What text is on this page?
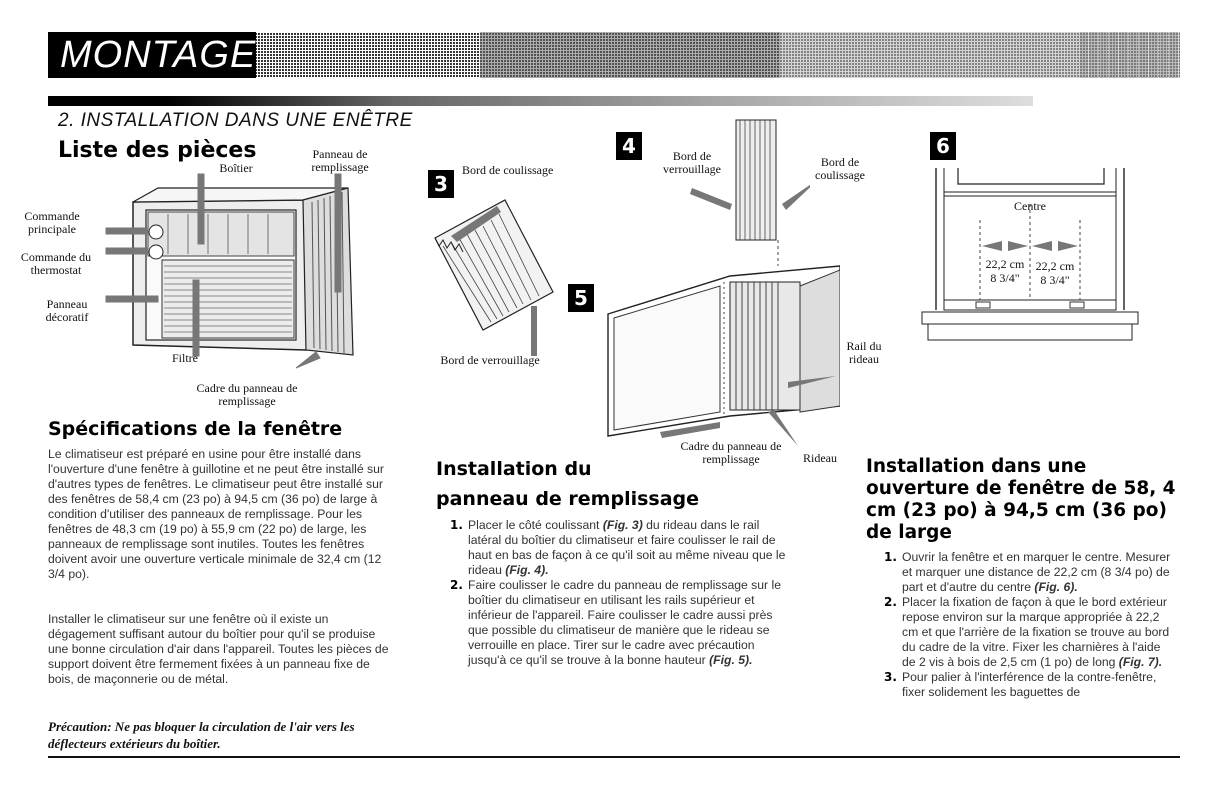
MONTAGE
2. INSTALLATION DANS UNE ENÊTRE
Liste des pièces
Boîtier
Panneau de remplissage
Commande principale
Commande du thermostat
Panneau décoratif
Filtre
Cadre du panneau de remplissage
Spécifications de la fenêtre
Le climatiseur est préparé en usine pour être installé dans l'ouverture d'une fenêtre à guillotine et ne peut être installé sur d'autres types de fenêtres. Le climatiseur peut être installé sur des fenêtres de 58,4 cm (23 po) à 94,5 cm (36 po) de large à condition d'utiliser des panneaux de remplissage. Pour les fenêtres de 48,3 cm (19 po) à 55,9 cm (22 po) de large, les panneaux de remplissage sont inutiles. Toutes les fenêtres doivent avoir une ouverture verticale minimale de 32,4 cm (12 3/4 po).
Installer le climatiseur sur une fenêtre où il existe un dégagement suffisant autour du boîtier pour qu'il se produise une bonne circulation d'air dans l'appareil. Toutes les pièces de support doivent être fermement fixées à un panneau fixe de bois, de maçonnerie ou de métal.
Précaution: Ne pas bloquer la circulation de l'air vers les déflecteurs extérieurs du boîtier.
3
Bord de coulissage
Bord de verrouillage
4	Bord de verrouillage	Bord de coulissage
5
Rail du rideau
Cadre du panneau de remplissage	Rideau
6
Centre
22,2 cm
8 3/4"
22,2 cm
8 3/4"
Installation du
panneau de remplissage
1. Placer le côté coulissant (Fig. 3) du rideau dans le rail latéral du boîtier du climatiseur et faire coulisser le rail de haut en bas de façon à ce qu'il soit au même niveau que le rideau (Fig. 4).
2. Faire coulisser le cadre du panneau de remplissage sur le boîtier du climatiseur en utilisant les rails supérieur et inférieur de l'appareil. Faire coulisser le cadre aussi près que possible du climatiseur de manière que le rideau se verrouille en place. Tirer sur le cadre avec précaution jusqu'à ce qu'il se trouve à la bonne hauteur (Fig. 5).
Installation dans une ouverture de fenêtre de 58, 4 cm (23 po) à 94,5 cm (36 po) de large
1. Ouvrir la fenêtre et en marquer le centre. Mesurer et marquer une distance de 22,2 cm (8 3/4 po) de part et d'autre du centre (Fig. 6).
2. Placer la fixation de façon à que le bord extérieur repose environ sur la marque appropriée à 22,2 cm et que l'arrière de la fixation se trouve au bord du cadre de la vitre. Fixer les charnières à l'aide de 2 vis à bois de 2,5 cm (1 po) de long (Fig. 7).
3. Pour palier à l'interférence de la contre-fenêtre, fixer solidement les baguettes de
